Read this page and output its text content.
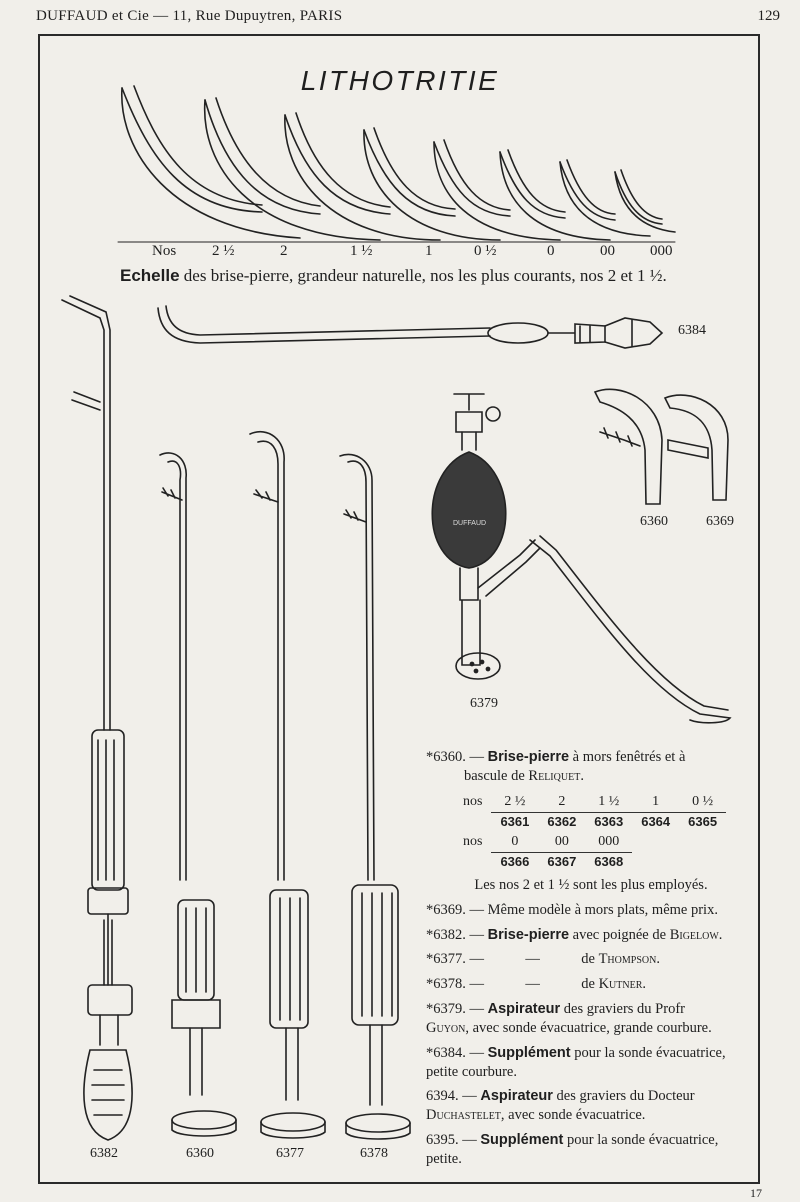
DUFFAUD et Cie — 11, Rue Dupuytren, PARIS	129
LITHOTRITIE
Nos 2 ½	2	1 ½	1	0 ½	0	00 000
Echelle des brise-pierre, grandeur naturelle, nos les plus courants, nos 2 et 1 ½.
6384
6360	6369
6379
6382	6360	6377	6378
DUFFAUD

*6360. — Brise-pierre à mors fenêtrés et à
bascule de Reliquet.

nos	2 ½	2	1 ½	1	0 ½
	6361	6362	6363	6364	6365
nos	0	00	000		
	6366	6367	6368		

Les nos 2 et 1 ½ sont les plus employés.

*6369. — Même modèle à mors plats, même prix.

*6382. — Brise-pierre avec poignée de Bigelow.

*6377. —	—	de Thompson.

*6378. —	—	de Kutner.

*6379. — Aspirateur des graviers du Profr
Guyon, avec sonde évacuatrice, grande courbure.

*6384. — Supplément pour la sonde évacuatrice, petite courbure.

6394. — Aspirateur des graviers du Docteur
Duchastelet, avec sonde évacuatrice.

6395. — Supplément pour la sonde évacuatrice, petite.

17
